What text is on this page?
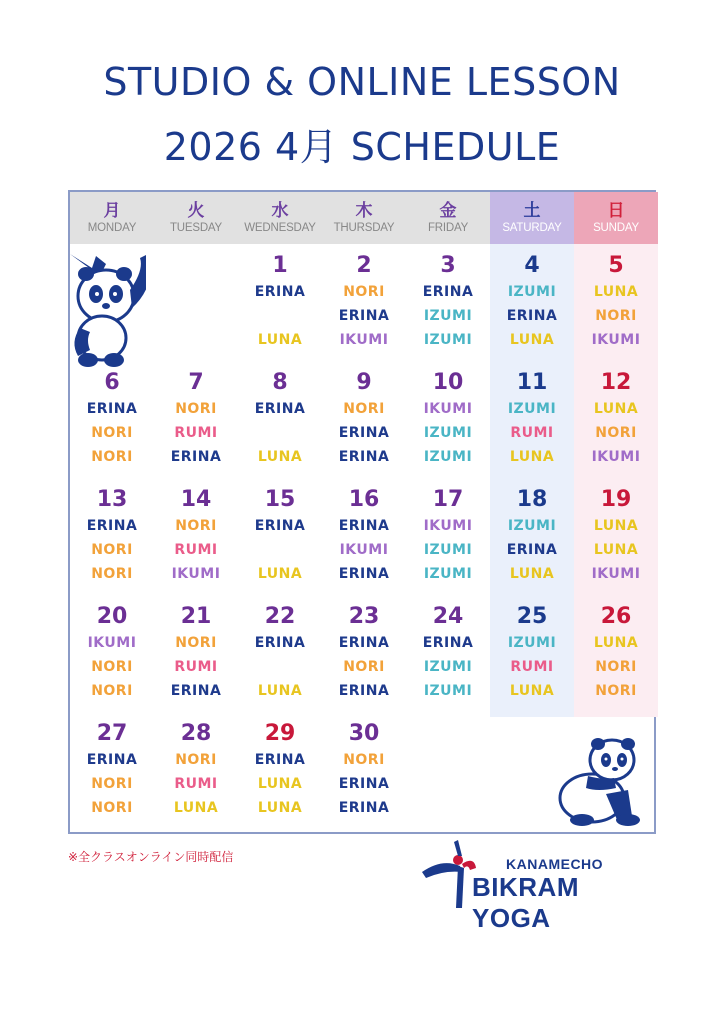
STUDIO & ONLINE LESSON
2026 4月 SCHEDULE
月
MONDAY
火
TUESDAY
水
WEDNESDAY
木
THURSDAY
金
FRIDAY
土
SATURDAY
日
SUNDAY
1
ERINA
LUNA
2
NORI
ERINA
IKUMI
3
ERINA
IZUMI
IZUMI
4
IZUMI
ERINA
LUNA
5
LUNA
NORI
IKUMI
6
ERINA
NORI
NORI
7
NORI
RUMI
ERINA
8
ERINA
LUNA
9
NORI
ERINA
ERINA
10
IKUMI
IZUMI
IZUMI
11
IZUMI
RUMI
LUNA
12
LUNA
NORI
IKUMI
13
ERINA
NORI
NORI
14
NORI
RUMI
IKUMI
15
ERINA
LUNA
16
ERINA
IKUMI
ERINA
17
IKUMI
IZUMI
IZUMI
18
IZUMI
ERINA
LUNA
19
LUNA
LUNA
IKUMI
20
IKUMI
NORI
NORI
21
NORI
RUMI
ERINA
22
ERINA
LUNA
23
ERINA
NORI
ERINA
24
ERINA
IZUMI
IZUMI
25
IZUMI
RUMI
LUNA
26
LUNA
NORI
NORI
27
ERINA
NORI
NORI
28
NORI
RUMI
LUNA
29
ERINA
LUNA
LUNA
30
NORI
ERINA
ERINA
※全クラスオンライン同時配信	KANAMECHO
BIKRAM YOGA
